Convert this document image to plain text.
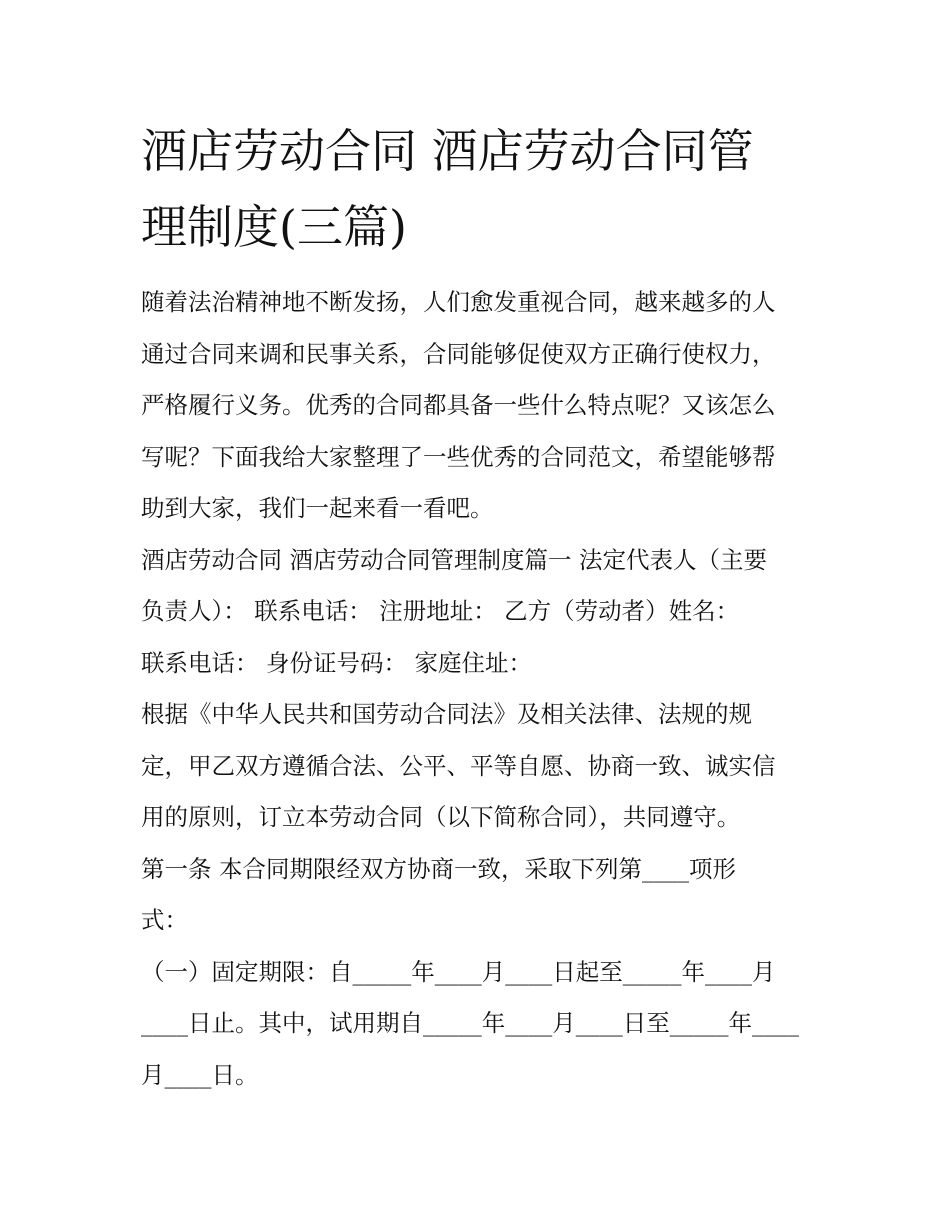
酒店劳动合同 酒店劳动合同管
理制度(三篇)
随着法治精神地不断发扬，人们愈发重视合同，越来越多的人
通过合同来调和民事关系，合同能够促使双方正确行使权力，
严格履行义务。优秀的合同都具备一些什么特点呢？又该怎么
写呢？下面我给大家整理了一些优秀的合同范文，希望能够帮
助到大家，我们一起来看一看吧。
酒店劳动合同 酒店劳动合同管理制度篇一 法定代表人（主要
负责人）： 联系电话： 注册地址： 乙方（劳动者）姓名：
联系电话： 身份证号码： 家庭住址：
根据《中华人民共和国劳动合同法》及相关法律、法规的规
定，甲乙双方遵循合法、公平、平等自愿、协商一致、诚实信
用的原则，订立本劳动合同（以下简称合同），共同遵守。
第一条 本合同期限经双方协商一致，采取下列第____项形
式：
（一）固定期限：自_____年____月____日起至_____年____月
____日止。其中，试用期自_____年____月____日至_____年____
月____日。
